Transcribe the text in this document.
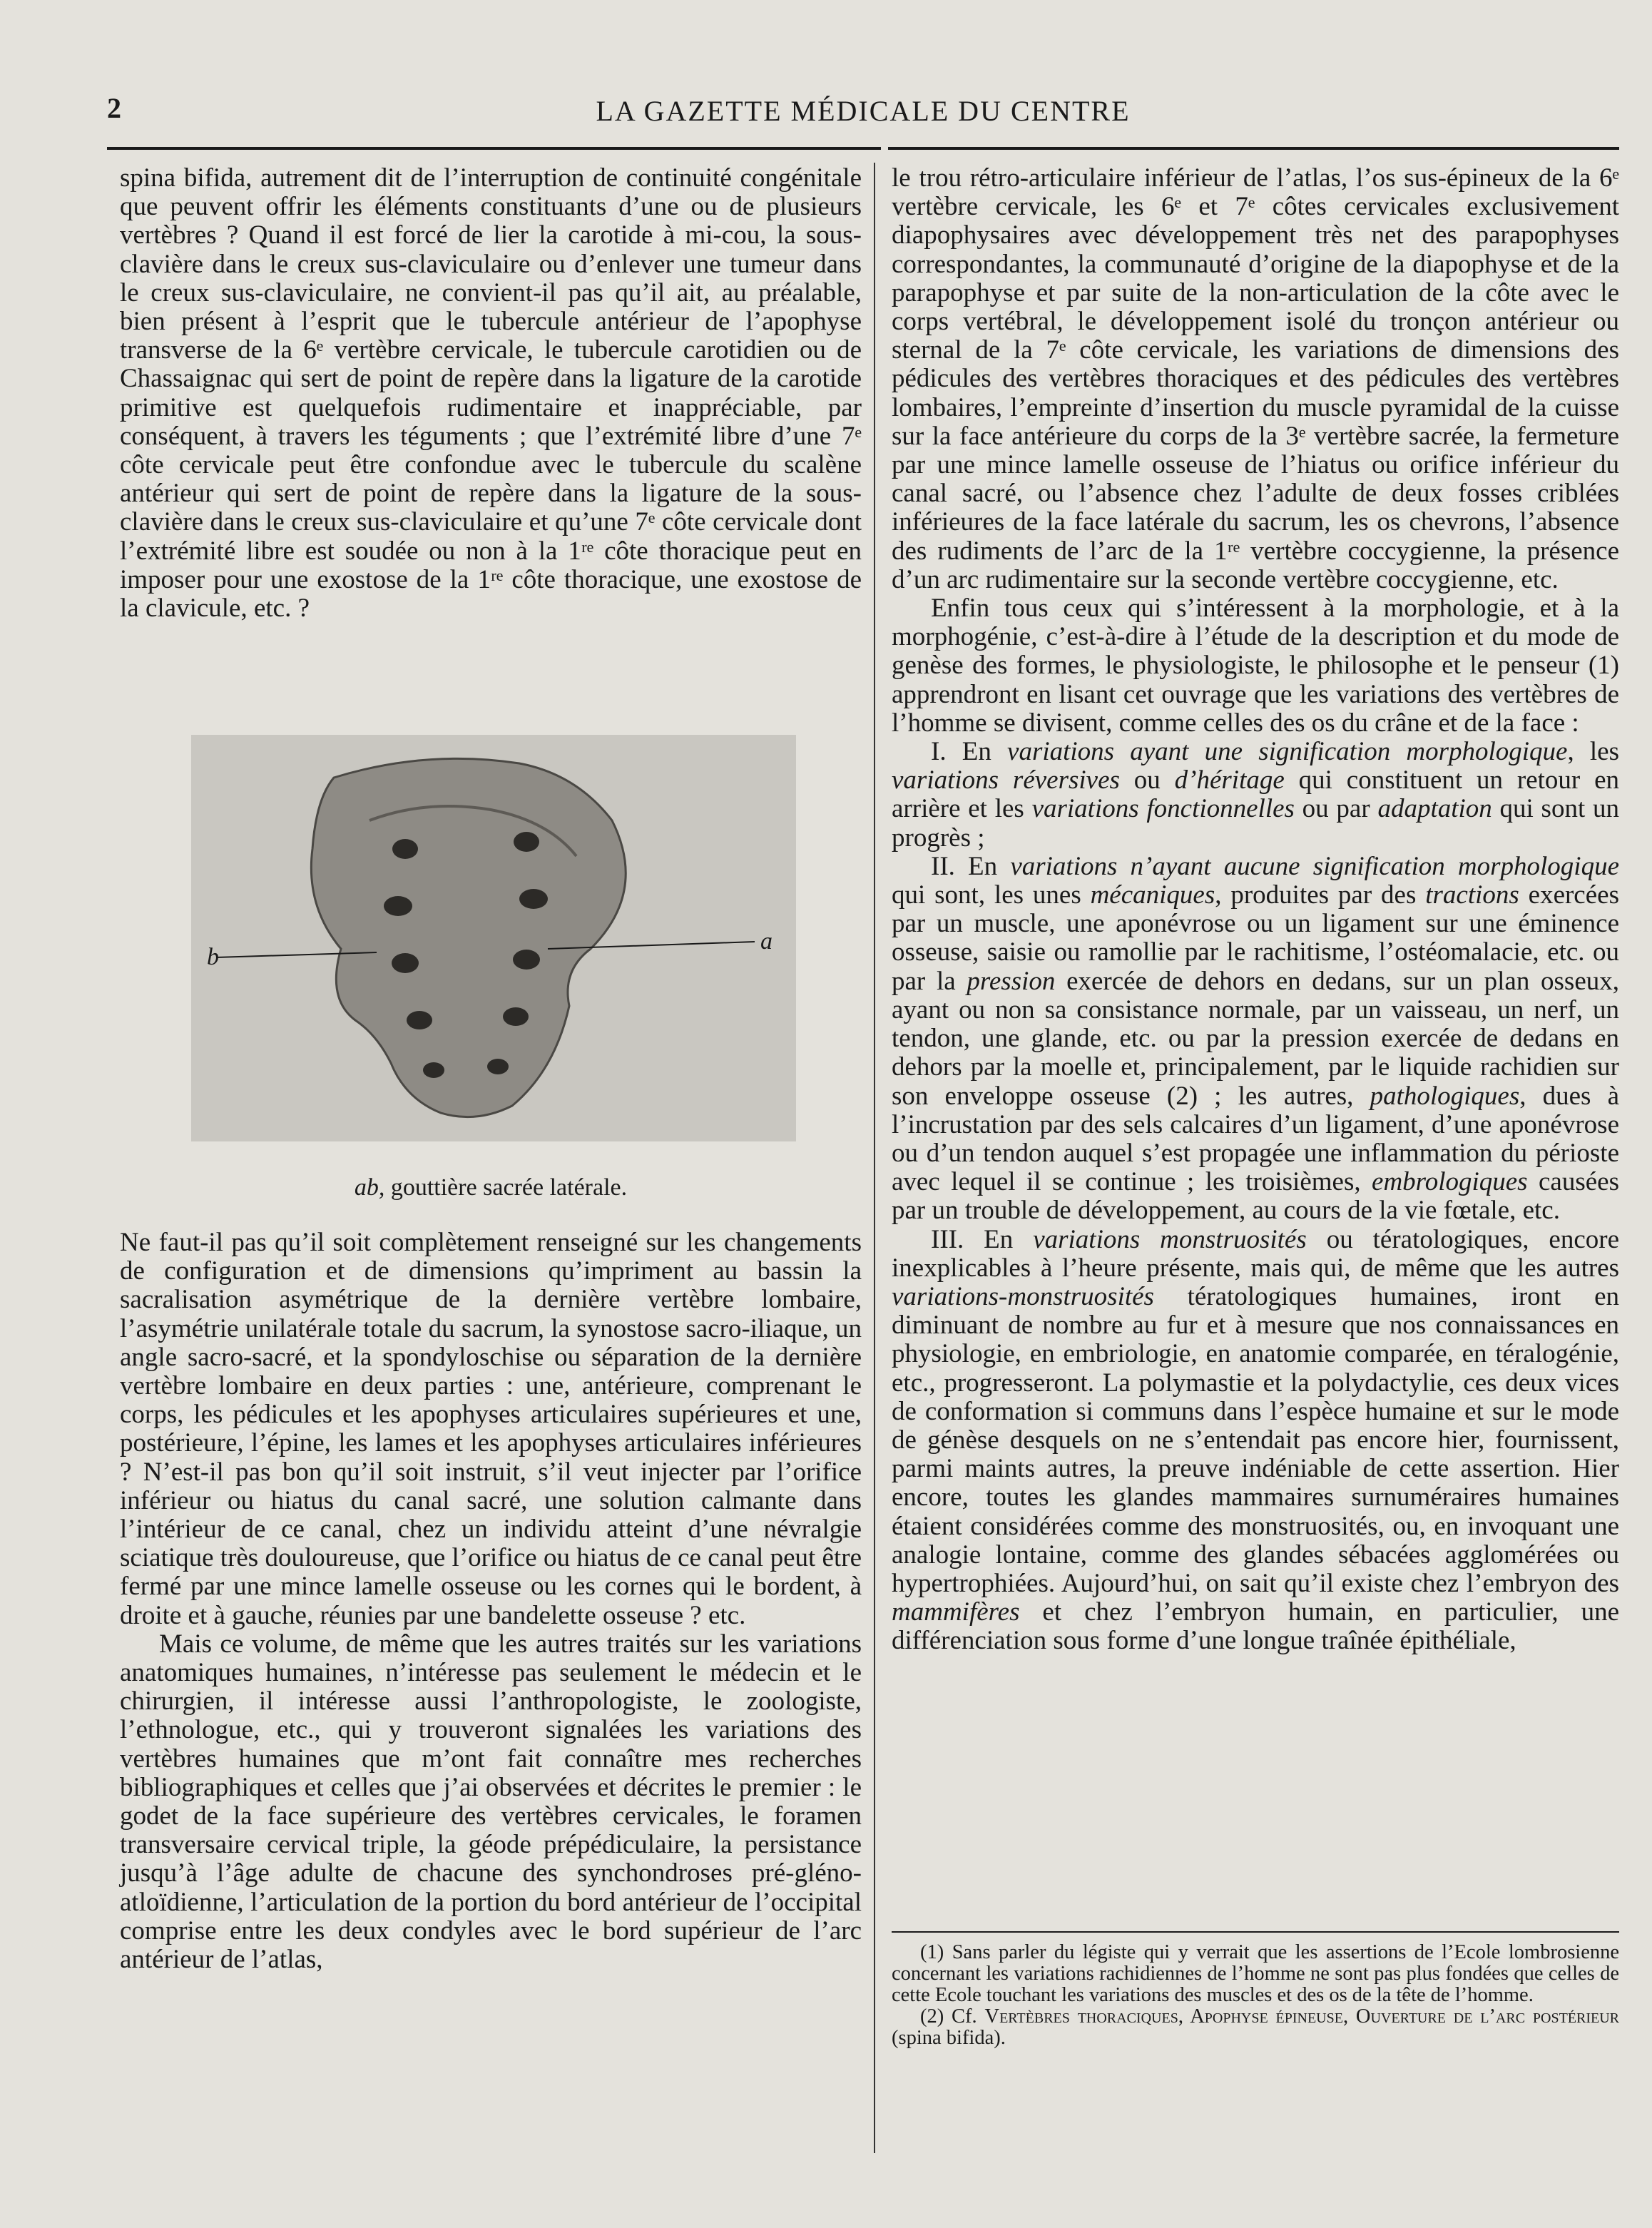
2	LA GAZETTE MÉDICALE DU CENTRE

spina bifida, autrement dit de l’interruption de continuité congénitale que peuvent offrir les éléments constituants d’une ou de plusieurs vertèbres ? Quand il est forcé de lier la carotide à mi-cou, la sous-clavière dans le creux sus-claviculaire ou d’enlever une tumeur dans le creux sus-claviculaire, ne convient-il pas qu’il ait, au préalable, bien présent à l’esprit que le tubercule antérieur de l’apophyse transverse de la 6ᵉ vertèbre cervicale, le tubercule carotidien ou de Chassaignac qui sert de point de repère dans la ligature de la carotide primitive est quelquefois rudimentaire et inappréciable, par conséquent, à travers les téguments ; que l’extrémité libre d’une 7ᵉ côte cervicale peut être confondue avec le tubercule du scalène antérieur qui sert de point de repère dans la ligature de la sous-clavière dans le creux sus-claviculaire et qu’une 7ᵉ côte cervicale dont l’extrémité libre est soudée ou non à la 1ʳᵉ côte thoracique peut en imposer pour une exostose de la 1ʳᵉ côte thoracique, une exostose de la clavicule, etc. ?

b
a
ab, gouttière sacrée latérale.

Ne faut-il pas qu’il soit complètement renseigné sur les changements de configuration et de dimensions qu’impriment au bassin la sacralisation asymétrique de la dernière vertèbre lombaire, l’asymétrie unilatérale totale du sacrum, la synostose sacro-iliaque, un angle sacro-sacré, et la spondyloschise ou séparation de la dernière vertèbre lombaire en deux parties : une, antérieure, comprenant le corps, les pédicules et les apophyses articulaires supérieures et une, postérieure, l’épine, les lames et les apophyses articulaires inférieures ? N’est-il pas bon qu’il soit instruit, s’il veut injecter par l’orifice inférieur ou hiatus du canal sacré, une solution calmante dans l’intérieur de ce canal, chez un individu atteint d’une névralgie sciatique très douloureuse, que l’orifice ou hiatus de ce canal peut être fermé par une mince lamelle osseuse ou les cornes qui le bordent, à droite et à gauche, réunies par une bandelette osseuse ? etc.

Mais ce volume, de même que les autres traités sur les variations anatomiques humaines, n’intéresse pas seulement le médecin et le chirurgien, il intéresse aussi l’anthropologiste, le zoologiste, l’ethnologue, etc., qui y trouveront signalées les variations des vertèbres humaines que m’ont fait connaître mes recherches bibliographiques et celles que j’ai observées et décrites le premier : le godet de la face supérieure des vertèbres cervicales, le foramen transversaire cervical triple, la géode prépédiculaire, la persistance jusqu’à l’âge adulte de chacune des synchondroses pré-gléno-atloïdienne, l’articulation de la portion du bord antérieur de l’occipital comprise entre les deux condyles avec le bord supérieur de l’arc antérieur de l’atlas,

le trou rétro-articulaire inférieur de l’atlas, l’os sus-épineux de la 6ᵉ vertèbre cervicale, les 6ᵉ et 7ᵉ côtes cervicales exclusivement diapophysaires avec développement très net des parapophyses correspondantes, la communauté d’origine de la diapophyse et de la parapophyse et par suite de la non-articulation de la côte avec le corps vertébral, le développement isolé du tronçon antérieur ou sternal de la 7ᵉ côte cervicale, les variations de dimensions des pédicules des vertèbres thoraciques et des pédicules des vertèbres lombaires, l’empreinte d’insertion du muscle pyramidal de la cuisse sur la face antérieure du corps de la 3ᵉ vertèbre sacrée, la fermeture par une mince lamelle osseuse de l’hiatus ou orifice inférieur du canal sacré, ou l’absence chez l’adulte de deux fosses criblées inférieures de la face latérale du sacrum, les os chevrons, l’absence des rudiments de l’arc de la 1ʳᵉ vertèbre coccygienne, la présence d’un arc rudimentaire sur la seconde vertèbre coccygienne, etc.

Enfin tous ceux qui s’intéressent à la morphologie, et à la morphogénie, c’est-à-dire à l’étude de la description et du mode de genèse des formes, le physiologiste, le philosophe et le penseur (1) apprendront en lisant cet ouvrage que les variations des vertèbres de l’homme se divisent, comme celles des os du crâne et de la face :

I. En variations ayant une signification morphologique, les variations réversives ou d’héritage qui constituent un retour en arrière et les variations fonctionnelles ou par adaptation qui sont un progrès ;

II. En variations n’ayant aucune signification morphologique qui sont, les unes mécaniques, produites par des tractions exercées par un muscle, une aponévrose ou un ligament sur une éminence osseuse, saisie ou ramollie par le rachitisme, l’ostéomalacie, etc. ou par la pression exercée de dehors en dedans, sur un plan osseux, ayant ou non sa consistance normale, par un vaisseau, un nerf, un tendon, une glande, etc. ou par la pression exercée de dedans en dehors par la moelle et, principalement, par le liquide rachidien sur son enveloppe osseuse (2) ; les autres, pathologiques, dues à l’incrustation par des sels calcaires d’un ligament, d’une aponévrose ou d’un tendon auquel s’est propagée une inflammation du périoste avec lequel il se continue ; les troisièmes, embrologiques causées par un trouble de développement, au cours de la vie fœtale, etc.

III. En variations monstruosités ou tératologiques, encore inexplicables à l’heure présente, mais qui, de même que les autres variations-monstruosités tératologiques humaines, iront en diminuant de nombre au fur et à mesure que nos connaissances en physiologie, en embriologie, en anatomie comparée, en téralogénie, etc., progresseront. La polymastie et la polydactylie, ces deux vices de conformation si communs dans l’espèce humaine et sur le mode de génèse desquels on ne s’entendait pas encore hier, fournissent, parmi maints autres, la preuve indéniable de cette assertion. Hier encore, toutes les glandes mammaires surnuméraires humaines étaient considérées comme des monstruosités, ou, en invoquant une analogie lontaine, comme des glandes sébacées agglomérées ou hypertrophiées. Aujourd’hui, on sait qu’il existe chez l’embryon des mammifères et chez l’embryon humain, en particulier, une différenciation sous forme d’une longue traînée épithéliale,

(1) Sans parler du légiste qui y verrait que les assertions de l’Ecole lombrosienne concernant les variations rachidiennes de l’homme ne sont pas plus fondées que celles de cette Ecole touchant les variations des muscles et des os de la tête de l’homme.

(2) Cf. Vertèbres thoraciques, Apophyse épineuse, Ouverture de l’arc postérieur (spina bifida).
